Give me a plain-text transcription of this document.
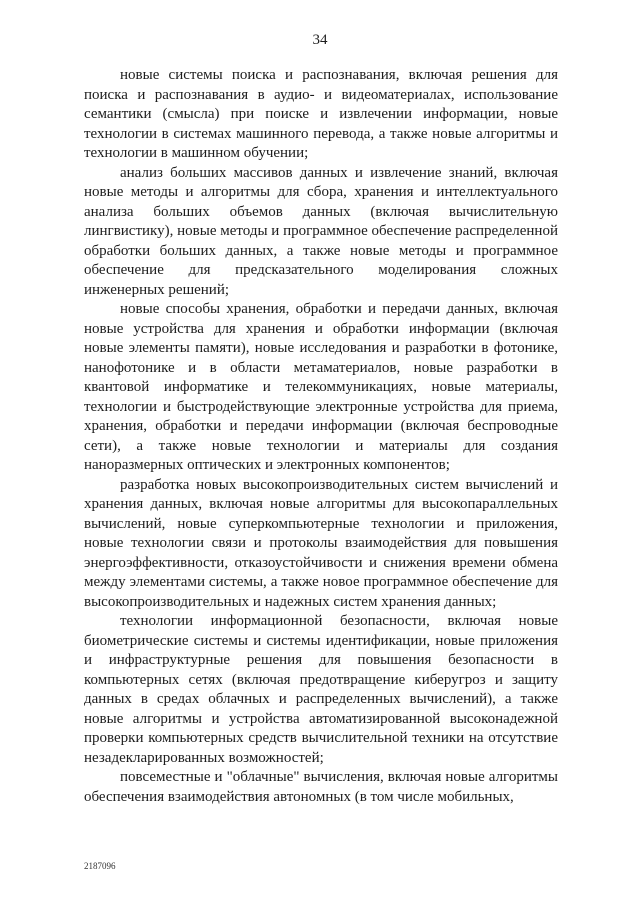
34

новые системы поиска и распознавания, включая решения для поиска и распознавания в аудио- и видеоматериалах, использование семантики (смысла) при поиске и извлечении информации, новые технологии в системах машинного перевода, а также новые алгоритмы и технологии в машинном обучении;

анализ больших массивов данных и извлечение знаний, включая новые методы и алгоритмы для сбора, хранения и интеллектуального анализа больших объемов данных (включая вычислительную лингвистику), новые методы и программное обеспечение распределенной обработки больших данных, а также новые методы и программное обеспечение для предсказательного моделирования сложных инженерных решений;

новые способы хранения, обработки и передачи данных, включая новые устройства для хранения и обработки информации (включая новые элементы памяти), новые исследования и разработки в фотонике, нанофотонике и в области метаматериалов, новые разработки в квантовой информатике и телекоммуникациях, новые материалы, технологии и быстродействующие электронные устройства для приема, хранения, обработки и передачи информации (включая беспроводные сети), а также новые технологии и материалы для создания наноразмерных оптических и электронных компонентов;

разработка новых высокопроизводительных систем вычислений и хранения данных, включая новые алгоритмы для высокопараллельных вычислений, новые суперкомпьютерные технологии и приложения, новые технологии связи и протоколы взаимодействия для повышения энергоэффективности, отказоустойчивости и снижения времени обмена между элементами системы, а также новое программное обеспечение для высокопроизводительных и надежных систем хранения данных;

технологии информационной безопасности, включая новые биометрические системы и системы идентификации, новые приложения и инфраструктурные решения для повышения безопасности в компьютерных сетях (включая предотвращение киберугроз и защиту данных в средах облачных и распределенных вычислений), а также новые алгоритмы и устройства автоматизированной высоконадежной проверки компьютерных средств вычислительной техники на отсутствие незадекларированных возможностей;

повсеместные и "облачные" вычисления, включая новые алгоритмы обеспечения взаимодействия автономных (в том числе мобильных,

2187096
